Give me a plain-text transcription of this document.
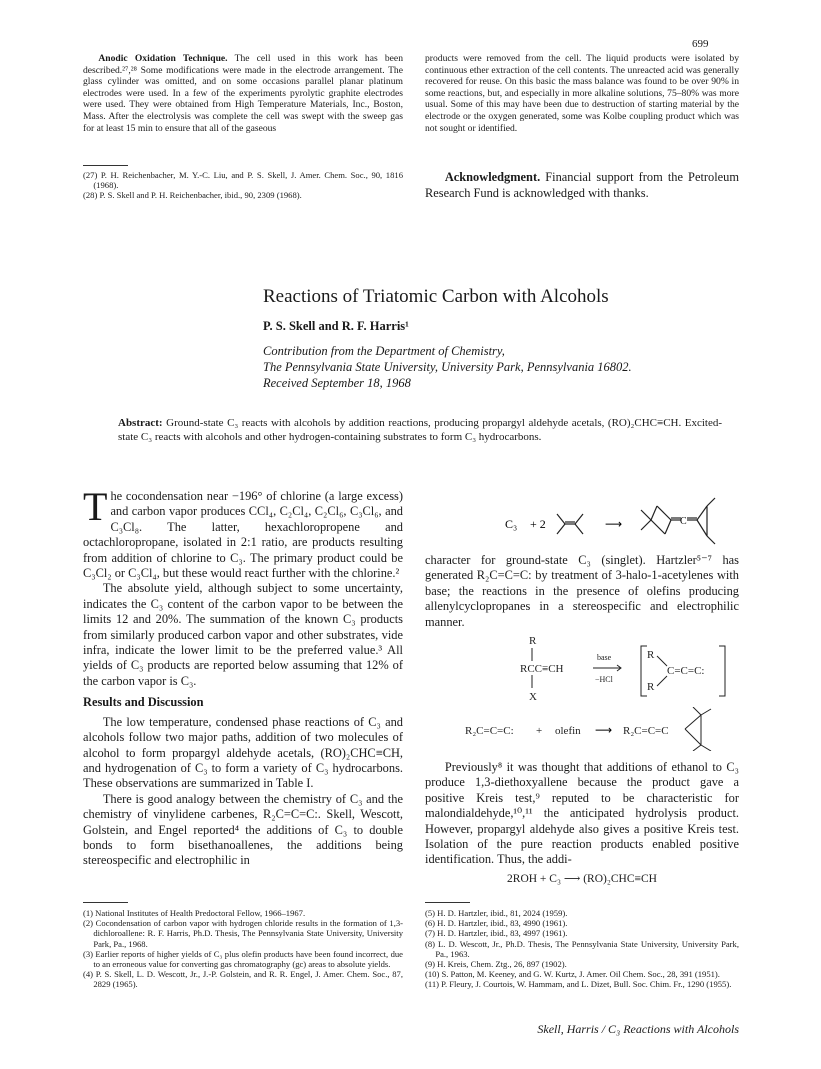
699

Anodic Oxidation Technique. The cell used in this work has been described.²⁷,²⁸ Some modifications were made in the electrode arrangement. The glass cylinder was omitted, and on some occasions parallel planar platinum electrodes were used. In a few of the experiments pyrolytic graphite electrodes were used. They were obtained from High Temperature Materials, Inc., Boston, Mass. After the electrolysis was complete the cell was swept with the sweep gas for at least 15 min to ensure that all of the gaseous

(27) P. H. Reichenbacher, M. Y.-C. Liu, and P. S. Skell, J. Amer. Chem. Soc., 90, 1816 (1968).

(28) P. S. Skell and P. H. Reichenbacher, ibid., 90, 2309 (1968).

products were removed from the cell. The liquid products were isolated by continuous ether extraction of the cell contents. The unreacted acid was generally recovered for reuse. On this basic the mass balance was found to be over 90% in some reactions, but, and especially in more alkaline solutions, 75–80% was more usual. Some of this may have been due to destruction of starting material by the electrode or the oxygen generated, some was Kolbe coupling product which was not sought or identified.

Acknowledgment. Financial support from the Petroleum Research Fund is acknowledged with thanks.

Reactions of Triatomic Carbon with Alcohols
P. S. Skell and R. F. Harris¹
Contribution from the Department of Chemistry,
The Pennsylvania State University, University Park, Pennsylvania 16802.
Received September 18, 1968
Abstract: Ground-state C₃ reacts with alcohols by addition reactions, producing propargyl aldehyde acetals, (RO)₂CHC≡CH. Excited-state C₃ reacts with alcohols and other hydrogen-containing substrates to form C₃ hydrocarbons.

The cocondensation near −196° of chlorine (a large excess) and carbon vapor produces CCl₄, C₂Cl₄, C₂Cl₆, C₃Cl₆, and C₃Cl₈. The latter, hexachloropropene and octachloropropane, isolated in 2:1 ratio, are products resulting from addition of chlorine to C₃. The primary product could be C₃Cl₂ or C₃Cl₄, but these would react further with the chlorine.²

The absolute yield, although subject to some uncertainty, indicates the C₃ content of the carbon vapor to be between the limits 12 and 20%. The summation of the known C₃ products from similarly produced carbon vapor and other substrates, vide infra, indicate the lower limit to be the preferred value.³ All yields of C₃ products are reported below assuming that 12% of the carbon vapor is C₃.

Results and Discussion

The low temperature, condensed phase reactions of C₃ and alcohols follow two major paths, addition of two molecules of alcohol to form propargyl aldehyde acetals, (RO)₂CHC≡CH, and hydrogenation of C₃ to form a variety of C₃ hydrocarbons. These observations are summarized in Table I.

There is good analogy between the chemistry of C₃ and the chemistry of vinylidene carbenes, R₂C=C=C:. Skell, Wescott, Golstein, and Engel reported⁴ the additions of C₃ to double bonds to form bisethanoallenes, the additions being stereospecific and electrophilic in

(1) National Institutes of Health Predoctoral Fellow, 1966–1967.

(2) Cocondensation of carbon vapor with hydrogen chloride results in the formation of 1,3-dichloroallene: R. F. Harris, Ph.D. Thesis, The Pennsylvania State University, University Park, Pa., 1968.

(3) Earlier reports of higher yields of C₃ plus olefin products have been found incorrect, due to an erroneous value for converting gas chromatography (gc) areas to absolute yields.

(4) P. S. Skell, L. D. Wescott, Jr., J.-P. Golstein, and R. R. Engel, J. Amer. Chem. Soc., 87, 2829 (1965).

C₃ + 2	⟶	C

character for ground-state C₃ (singlet). Hartzler⁵⁻⁷ has generated R₂C=C=C: by treatment of 3-halo-1-acetylenes with base; the reactions in the presence of olefins producing allenylcyclopropanes in a stereospecific and electrophilic manner.

R
X
RCC≡CH
base
−HCl
R
R
C=C=C:
R₂C=C=C: + olefin	R₂C=C=C
⟶

Previously⁸ it was thought that additions of ethanol to C₃ produce 1,3-diethoxyallene because the product gave a positive Kreis test,⁹ reputed to be characteristic for malondialdehyde,¹⁰,¹¹ the anticipated hydrolysis product. However, propargyl aldehyde also gives a positive Kreis test. Isolation of the pure reaction products enabled positive identification. Thus, the addi-

2ROH + C₃ ⟶ (RO)₂CHC≡CH

(5) H. D. Hartzler, ibid., 81, 2024 (1959).

(6) H. D. Hartzler, ibid., 83, 4990 (1961).

(7) H. D. Hartzler, ibid., 83, 4997 (1961).

(8) L. D. Wescott, Jr., Ph.D. Thesis, The Pennsylvania State University, University Park, Pa., 1963.

(9) H. Kreis, Chem. Ztg., 26, 897 (1902).

(10) S. Patton, M. Keeney, and G. W. Kurtz, J. Amer. Oil Chem. Soc., 28, 391 (1951).

(11) P. Fleury, J. Courtois, W. Hammam, and L. Dizet, Bull. Soc. Chim. Fr., 1290 (1955).

Skell, Harris / C₃ Reactions with Alcohols
